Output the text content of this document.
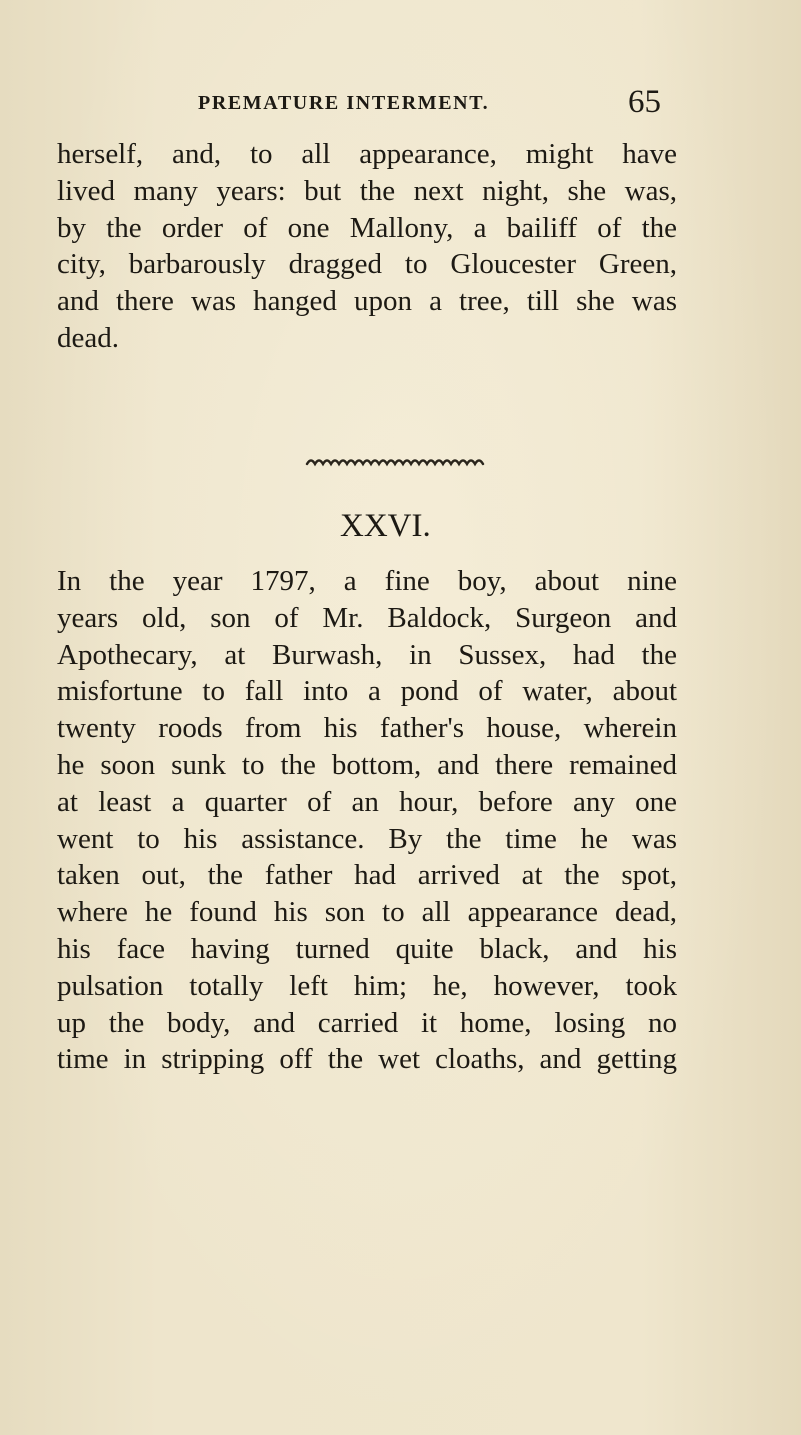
PREMATURE INTERMENT.	65
herself, and, to all appearance, might have
lived many years: but the next night, she was,
by the order of one Mallony, a bailiff of the
city, barbarously dragged to Gloucester Green,
and there was hanged upon a tree, till she was
dead.
XXVI.
In the year 1797, a fine boy, about nine
years old, son of Mr. Baldock, Surgeon and
Apothecary, at Burwash, in Sussex, had the
misfortune to fall into a pond of water, about
twenty roods from his father's house, wherein
he soon sunk to the bottom, and there remained
at least a quarter of an hour, before any one
went to his assistance. By the time he was
taken out, the father had arrived at the spot,
where he found his son to all appearance dead,
his face having turned quite black, and his
pulsation totally left him; he, however, took
up the body, and carried it home, losing no
time in stripping off the wet cloaths, and getting
